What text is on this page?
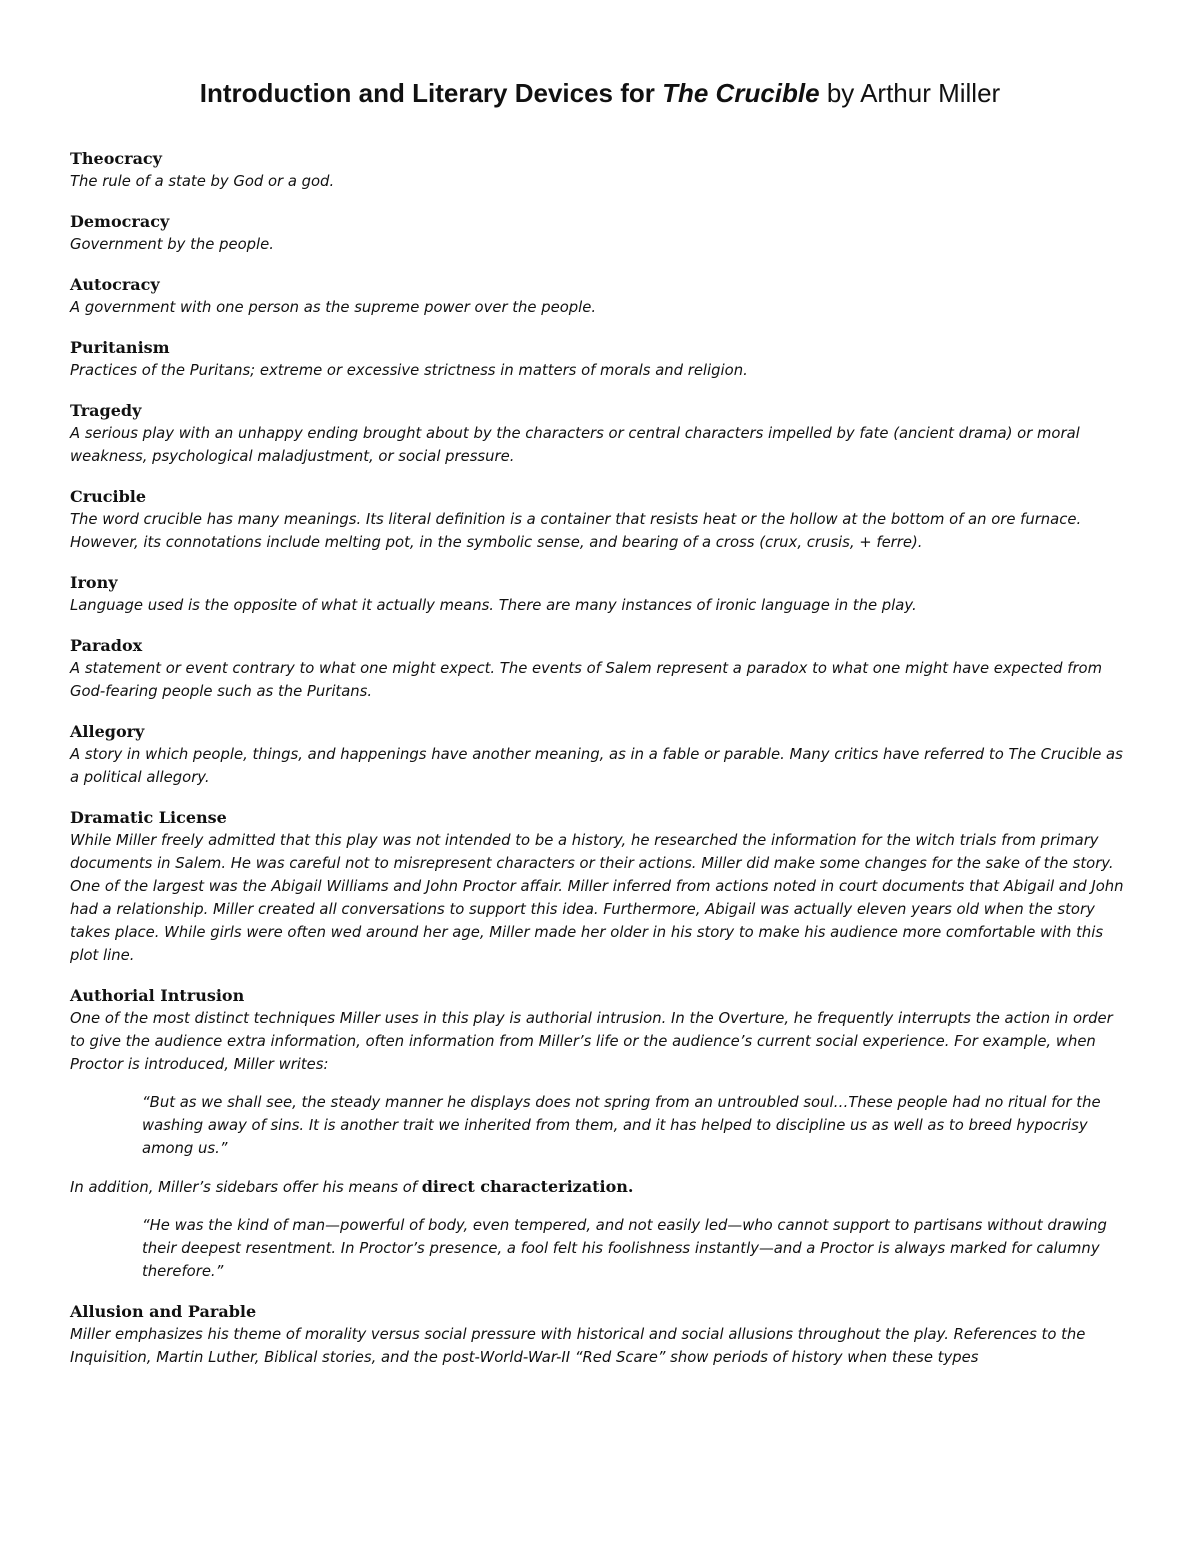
Introduction and Literary Devices for The Crucible by Arthur Miller

Theocracy

The rule of a state by God or a god.

Democracy

Government by the people.

Autocracy

A government with one person as the supreme power over the people.

Puritanism

Practices of the Puritans; extreme or excessive strictness in matters of morals and religion.

Tragedy

A serious play with an unhappy ending brought about by the characters or central characters impelled by fate (ancient drama) or moral weakness, psychological maladjustment, or social pressure.

Crucible

The word crucible has many meanings. Its literal definition is a container that resists heat or the hollow at the bottom of an ore furnace. However, its connotations include melting pot, in the symbolic sense, and bearing of a cross (crux, crusis, + ferre).

Irony

Language used is the opposite of what it actually means. There are many instances of ironic language in the play.

Paradox

A statement or event contrary to what one might expect. The events of Salem represent a paradox to what one might have expected from God-fearing people such as the Puritans.

Allegory

A story in which people, things, and happenings have another meaning, as in a fable or parable. Many critics have referred to The Crucible as a political allegory.

Dramatic License

While Miller freely admitted that this play was not intended to be a history, he researched the information for the witch trials from primary documents in Salem. He was careful not to misrepresent characters or their actions. Miller did make some changes for the sake of the story. One of the largest was the Abigail Williams and John Proctor affair. Miller inferred from actions noted in court documents that Abigail and John had a relationship. Miller created all conversations to support this idea. Furthermore, Abigail was actually eleven years old when the story takes place. While girls were often wed around her age, Miller made her older in his story to make his audience more comfortable with this plot line.

Authorial Intrusion

One of the most distinct techniques Miller uses in this play is authorial intrusion. In the Overture, he frequently interrupts the action in order to give the audience extra information, often information from Miller’s life or the audience’s current social experience. For example, when Proctor is introduced, Miller writes:

“But as we shall see, the steady manner he displays does not spring from an untroubled soul…These people had no ritual for the washing away of sins. It is another trait we inherited from them, and it has helped to discipline us as well as to breed hypocrisy among us.”

In addition, Miller’s sidebars offer his means of direct characterization.

“He was the kind of man—powerful of body, even tempered, and not easily led—who cannot support to partisans without drawing their deepest resentment. In Proctor’s presence, a fool felt his foolishness instantly—and a Proctor is always marked for calumny therefore.”

Allusion and Parable

Miller emphasizes his theme of morality versus social pressure with historical and social allusions throughout the play. References to the Inquisition, Martin Luther, Biblical stories, and the post-World-War-II “Red Scare” show periods of history when these types
